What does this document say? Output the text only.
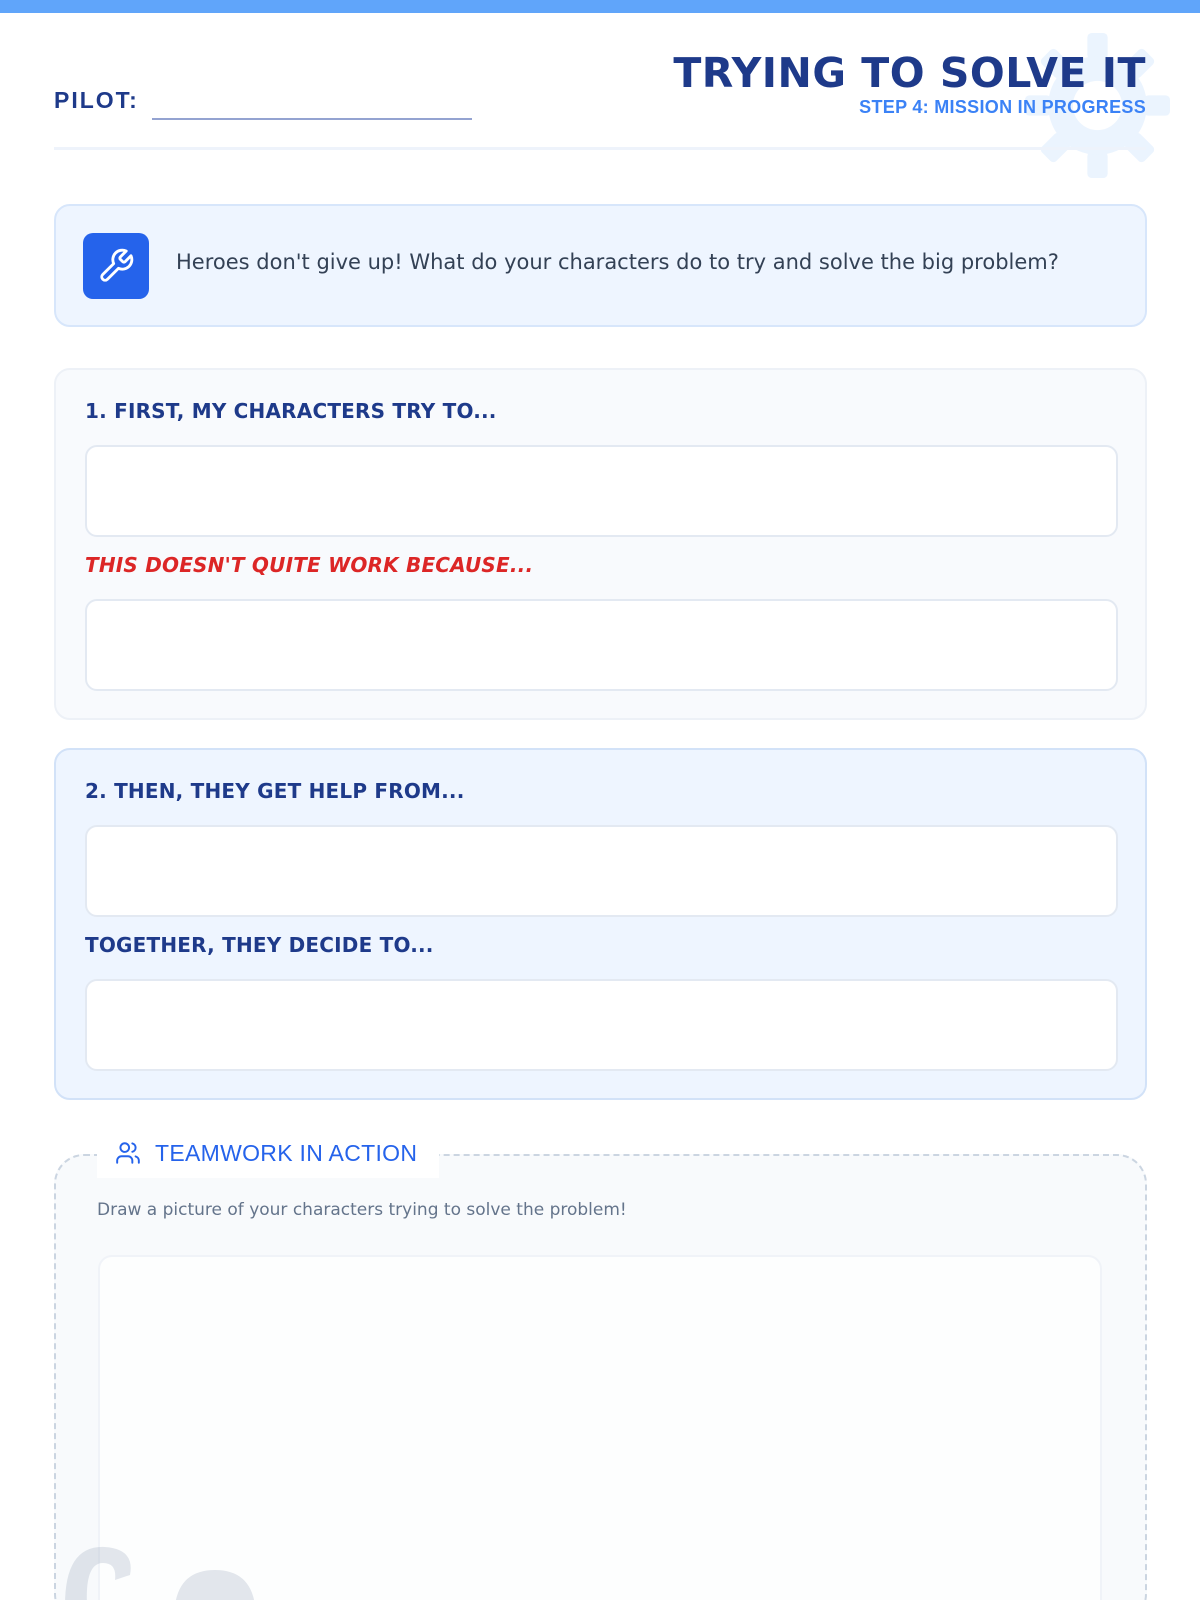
PILOT:
TRYING TO SOLVE IT
STEP 4: MISSION IN PROGRESS
Heroes don't give up! What do your characters do to try and solve the big problem?
1. FIRST, MY CHARACTERS TRY TO...
THIS DOESN'T QUITE WORK BECAUSE...
2. THEN, THEY GET HELP FROM...
TOGETHER, THEY DECIDE TO...
TEAMWORK IN ACTION
Draw a picture of your characters trying to solve the problem!
